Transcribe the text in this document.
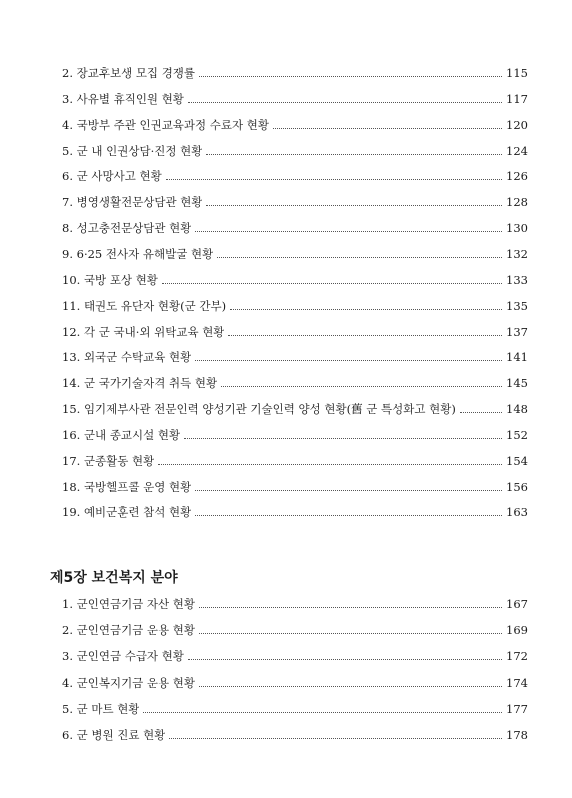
2. 장교후보생 모집 경쟁률	115
3. 사유별 휴직인원 현황	117
4. 국방부 주관 인권교육과정 수료자 현황	120
5. 군 내 인권상담·진정 현황	124
6. 군 사망사고 현황	126
7. 병영생활전문상담관 현황	128
8. 성고충전문상담관 현황	130
9. 6·25 전사자 유해발굴 현황	132
10. 국방 포상 현황	133
11. 태권도 유단자 현황(군 간부)	135
12. 각 군 국내·외 위탁교육 현황	137
13. 외국군 수탁교육 현황	141
14. 군 국가기술자격 취득 현황	145
15. 임기제부사관 전문인력 양성기관 기술인력 양성 현황(舊 군 특성화고 현황)	148
16. 군내 종교시설 현황	152
17. 군종활동 현황	154
18. 국방헬프콜 운영 현황	156
19. 예비군훈련 참석 현황	163
제5장 보건복지 분야
1. 군인연금기금 자산 현황	167
2. 군인연금기금 운용 현황	169
3. 군인연금 수급자 현황	172
4. 군인복지기금 운용 현황	174
5. 군 마트 현황	177
6. 군 병원 진료 현황	178
